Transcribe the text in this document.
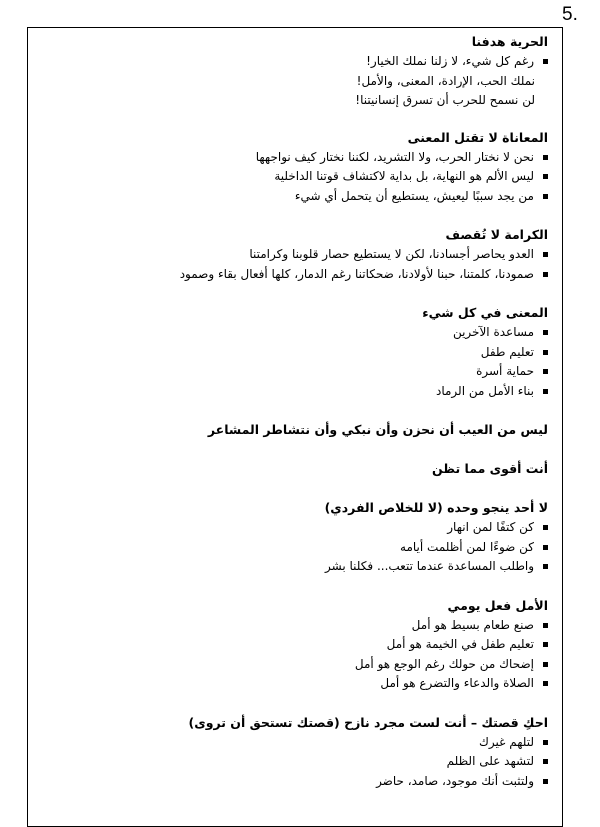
5.
الحرية هدفنا
رغم كل شيء، لا زلنا نملك الخيار!
نملك الحب، الإرادة، المعنى، والأمل!
لن نسمح للحرب أن تسرق إنسانيتنا!
المعاناة لا تقتل المعنى
نحن لا نختار الحرب، ولا التشريد، لكننا نختار كيف نواجهها
ليس الألم هو النهاية، بل بداية لاكتشاف قوتنا الداخلية
من يجد سببًا ليعيش، يستطيع أن يتحمل أي شيء
الكرامة لا تُقصف
العدو يحاصر أجسادنا، لكن لا يستطيع حصار قلوبنا وكرامتنا
صمودنا، كلمتنا، حبنا لأولادنا، ضحكاتنا رغم الدمار، كلها أفعال بقاء وصمود
المعنى في كل شيء
مساعدة الآخرين
تعليم طفل
حماية أسرة
بناء الأمل من الرماد
ليس من العيب أن نحزن وأن نبكي وأن نتشاطر المشاعر
أنت أقوى مما تظن
لا أحد ينجو وحده (لا للخلاص الفردي)
كن كتفًا لمن انهار
كن ضوءًا لمن أظلمت أيامه
واطلب المساعدة عندما تتعب... فكلنا بشر
الأمل فعل يومي
صنع طعام بسيط هو أمل
تعليم طفل في الخيمة هو أمل
إضحاك من حولك رغم الوجع هو أمل
الصلاة والدعاء والتضرع هو أمل
احكِ قصتك – أنت لست مجرد نازح (قصتك تستحق أن تروى)
لتلهم غيرك
لتشهد على الظلم
ولتثبت أنك موجود، صامد، حاضر
